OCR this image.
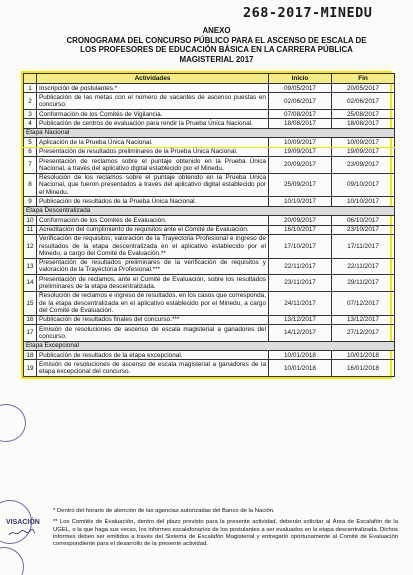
268-2017-MINEDU
ANEXO
CRONOGRAMA DEL CONCURSO PÚBLICO PARA EL ASCENSO DE ESCALA DE
LOS PROFESORES DE EDUCACIÓN BÁSICA EN LA CARRERA PÚBLICA
MAGISTERIAL 2017
	Actividades	Inicio	Fin
1	Inscripción de postulantes.*	09/05/2017	20/05/2017
2	Publicación de las metas con el número de vacantes de ascenso puestas en concurso.	02/06/2017	02/06/2017
3	Conformación de los Comités de Vigilancia.	07/08/2017	25/08/2017
4	Publicación de centros de evaluación para rendir la Prueba Única Nacional.	18/08/2017	18/08/2017
Etapa Nacional			
5	Aplicación de la Prueba Única Nacional.	10/09/2017	10/09/2017
6	Presentación de resultados preliminares de la Prueba Única Nacional.	19/09/2017	19/09/2017
7	Presentación de reclamos sobre el puntaje obtenido en la Prueba Única Nacional, a través del aplicativo digital establecido por el Minedu.	20/09/2017	23/09/2017
8	Resolución de los reclamos sobre el puntaje obtenido en la Prueba Única Nacional, que fueron presentados a través del aplicativo digital establecido por el Minedu.	25/09/2017	09/10/2017
9	Publicación de resultados de la Prueba Única Nacional.	10/10/2017	10/10/2017
Etapa Descentralizada			
10	Conformación de los Comités de Evaluación.	20/09/2017	06/10/2017
11	Acreditación del cumplimiento de requisitos ante el Comité de Evaluación.	16/10/2017	23/10/2017
12	Verificación de requisitos; valoración de la Trayectoria Profesional e ingreso de resultados de la etapa descentralizada en el aplicativo establecido por el Minedu, a cargo del Comité de Evaluación.**	17/10/2017	17/11/2017
13	Presentación de resultados preliminares de la verificación de requisitos y valoración de la Trayectoria Profesional.***	22/11/2017	22/11/2017
14	Presentación de reclamos, ante el Comité de Evaluación, sobre los resultados preliminares de la etapa descentralizada.	23/11/2017	29/11/2017
15	Resolución de reclamos e ingreso de resultados, en los casos que corresponda, de la etapa descentralizada en el aplicativo establecido por el Minedu, a cargo del Comité de Evaluación.	24/11/2017	07/12/2017
16	Publicación de resultados finales del concurso.***	13/12/2017	13/12/2017
17	Emisión de resoluciones de ascenso de escala magisterial a ganadores del concurso.	14/12/2017	27/12/2017
Etapa Excepcional			
18	Publicación de resultados de la etapa excepcional.	10/01/2018	10/01/2018
19	Emisión de resoluciones de ascenso de escala magisterial a ganadores de la etapa excepcional del concurso.	10/01/2018	16/01/2018

* Dentro del horario de atención de las agencias autorizadas del Banco de la Nación.

** Los Comités de Evaluación, dentro del plazo previsto para la presente actividad, deberán solicitar al Área de Escalafón de la UGEL, o la que haga sus veces, los informes escalafonarios de los postulantes a ser evaluados en la etapa descentralizada. Dichos informes deben ser emitidos a través del Sistema de Escalafón Magisterial y entregarlo oportunamente al Comité de Evaluación correspondiente para el desarrollo de la presente actividad.

VISACIÓN
